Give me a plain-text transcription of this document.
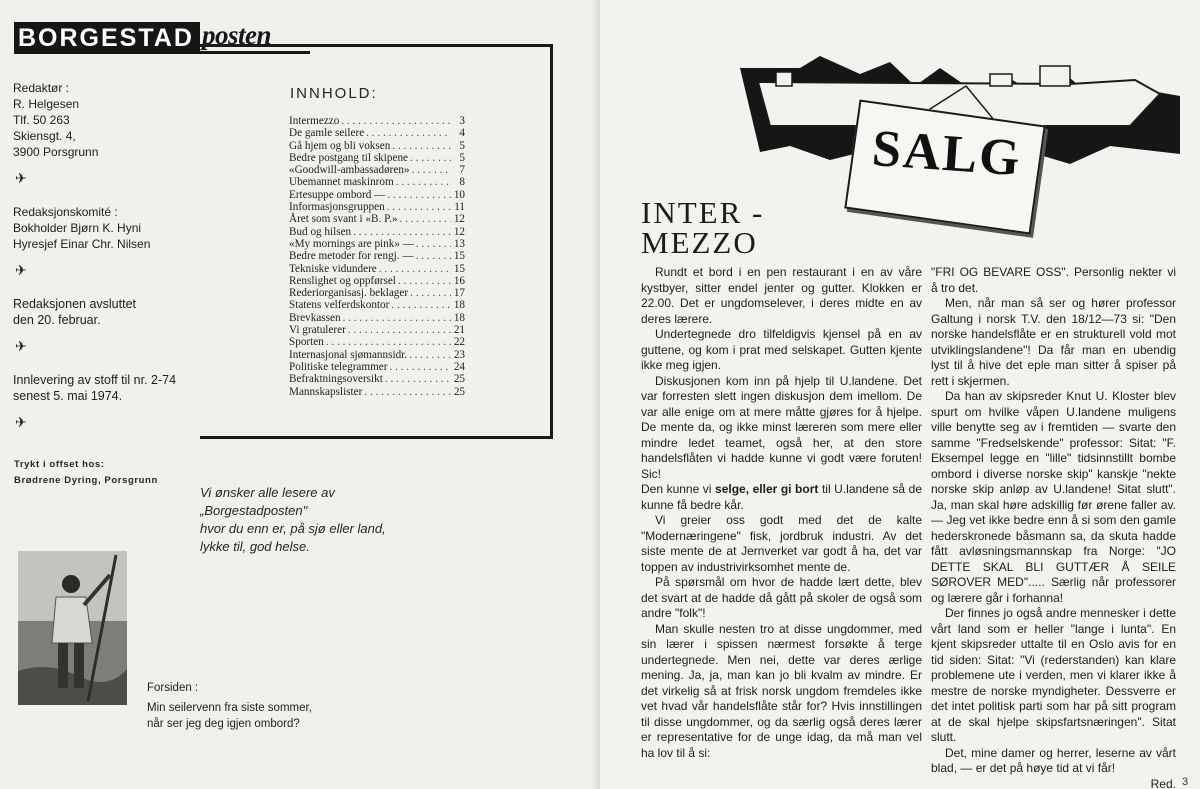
BORGESTAD posten
Redaktør :
R. Helgesen
Tlf. 50 263
Skiensgt. 4,
3900 Porsgrunn
✈
Redaksjonskomité :
Bokholder Bjørn K. Hyni
Hyresjef Einar Chr. Nilsen
✈
Redaksjonen avsluttet
den 20. februar.
✈
Innlevering av stoff til nr. 2-74
senest 5. mai 1974.
✈
Trykt i offset hos:
Brødrene Dyring, Porsgrunn
INNHOLD:
Intermezzo . . .	3
De gamle seilere . . .	4
Gå hjem og bli voksen . . .	5
Bedre postgang til skipene . . .	5
«Goodwill-ambassadøren» . . .	7
Ubemannet maskinrom . . .	8
Ertesuppe ombord — . . .	10
Informasjonsgruppen . . .	11
Året som svant i «B. P.» . . .	12
Bud og hilsen . . .	12
«My mornings are pink» — . . .	13
Bedre metoder for rengj. — . . .	15
Tekniske vidundere . . .	15
Renslighet og oppførsel . . .	16
Rederiorganisasj. beklager . . .	17
Statens velferdskontor . . .	18
Brevkassen . . .	18
Vi gratulerer . . .	21
Sporten . . .	22
Internasjonal sjømannsidr. . . .	23
Politiske telegrammer . . .	24
Befraktningsoversikt . . .	25
Mannskapslister . . .	25
Vi ønsker alle lesere av
„Borgestadposten"
hvor du enn er, på sjø eller land,
lykke til, god helse.
Forsiden :
Min seilervenn fra siste sommer,
når ser jeg deg igjen ombord?
SALG
INTER -
MEZZO

Rundt et bord i en pen restaurant i en av våre kystbyer, sitter endel jenter og gutter. Klokken er 22.00. Det er ungdomselever, i deres midte en av deres lærere.

Undertegnede dro tilfeldigvis kjensel på en av guttene, og kom i prat med selskapet. Gutten kjente ikke meg igjen.

Diskusjonen kom inn på hjelp til U.landene. Det var forresten slett ingen diskusjon dem imellom. De var alle enige om at mere måtte gjøres for å hjelpe. De mente da, og ikke minst læreren som mere eller mindre ledet teamet, også her, at den store handelsflåten vi hadde kunne vi godt være foruten! Sic!

Den kunne vi selge, eller gi bort til U.landene så de kunne få bedre kår.

Vi greier oss godt med det de kalte "Modernæringene" fisk, jordbruk industri. Av det siste mente de at Jernverket var godt å ha, det var toppen av industrivirksomhet mente de.

På spørsmål om hvor de hadde lært dette, blev det svart at de hadde då gått på skoler de også som andre "folk"!

Man skulle nesten tro at disse ungdommer, med sin lærer i spissen nærmest forsøkte å terge undertegnede. Men nei, dette var deres ærlige mening. Ja, ja, man kan jo bli kvalm av mindre. Er det virkelig så at frisk norsk ungdom fremdeles ikke vet hvad vår handelsflåte står for? Hvis innstillingen til disse ungdommer, og da særlig også deres lærer er representative for de unge idag, da må man vel ha lov til å si:

"FRI OG BEVARE OSS". Personlig nekter vi å tro det.

Men, når man så ser og hører professor Galtung i norsk T.V. den 18/12—73 si: "Den norske handelsflåte er en strukturell vold mot utviklingslandene"! Da får man en ubendig lyst til å hive det eple man sitter å spiser på rett i skjermen.

Da han av skipsreder Knut U. Kloster blev spurt om hvilke våpen U.landene muligens ville benytte seg av i fremtiden — svarte den samme "Fredselskende" professor: Sitat: "F. Eksempel legge en "lille" tidsinnstillt bombe ombord i diverse norske skip" kanskje "nekte norske skip anløp av U.landene! Sitat slutt". Ja, man skal høre adskillig før ørene faller av. — Jeg vet ikke bedre enn å si som den gamle hederskronede båsmann sa, da skuta hadde fått avløsningsmannskap fra Norge: "JO DETTE SKAL BLI GUTTÆR Å SEILE SØROVER MED"..... Særlig når professorer og lærere går i forhanna!

Der finnes jo også andre mennesker i dette vårt land som er heller "lange i lunta". En kjent skipsreder uttalte til en Oslo avis for en tid siden: Sitat: "Vi (rederstanden) kan klare problemene ute i verden, men vi klarer ikke å mestre de norske myndigheter. Dessverre er det intet politisk parti som har på sitt program at de skal hjelpe skipsfartsnæringen". Sitat slutt.

Det, mine damer og herrer, leserne av vårt blad, — er det på høye tid at vi får!

Red. 3
